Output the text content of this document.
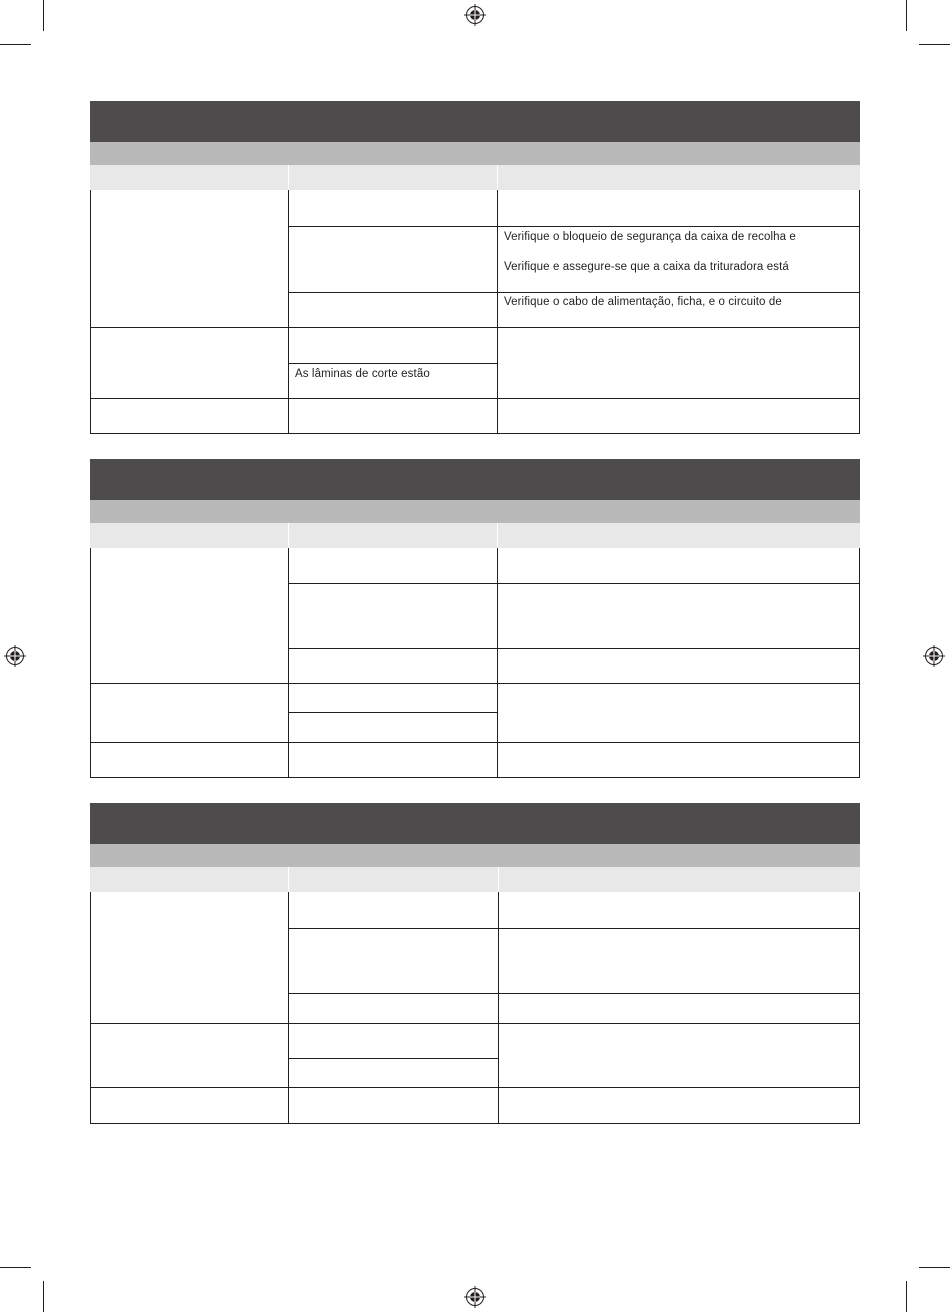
Verifique o bloqueio de segurança da caixa de recolha e
Verifique e assegure-se que a caixa da trituradora está
Verifique o cabo de alimentação, ficha, e o circuito de
As lâminas de corte estão
